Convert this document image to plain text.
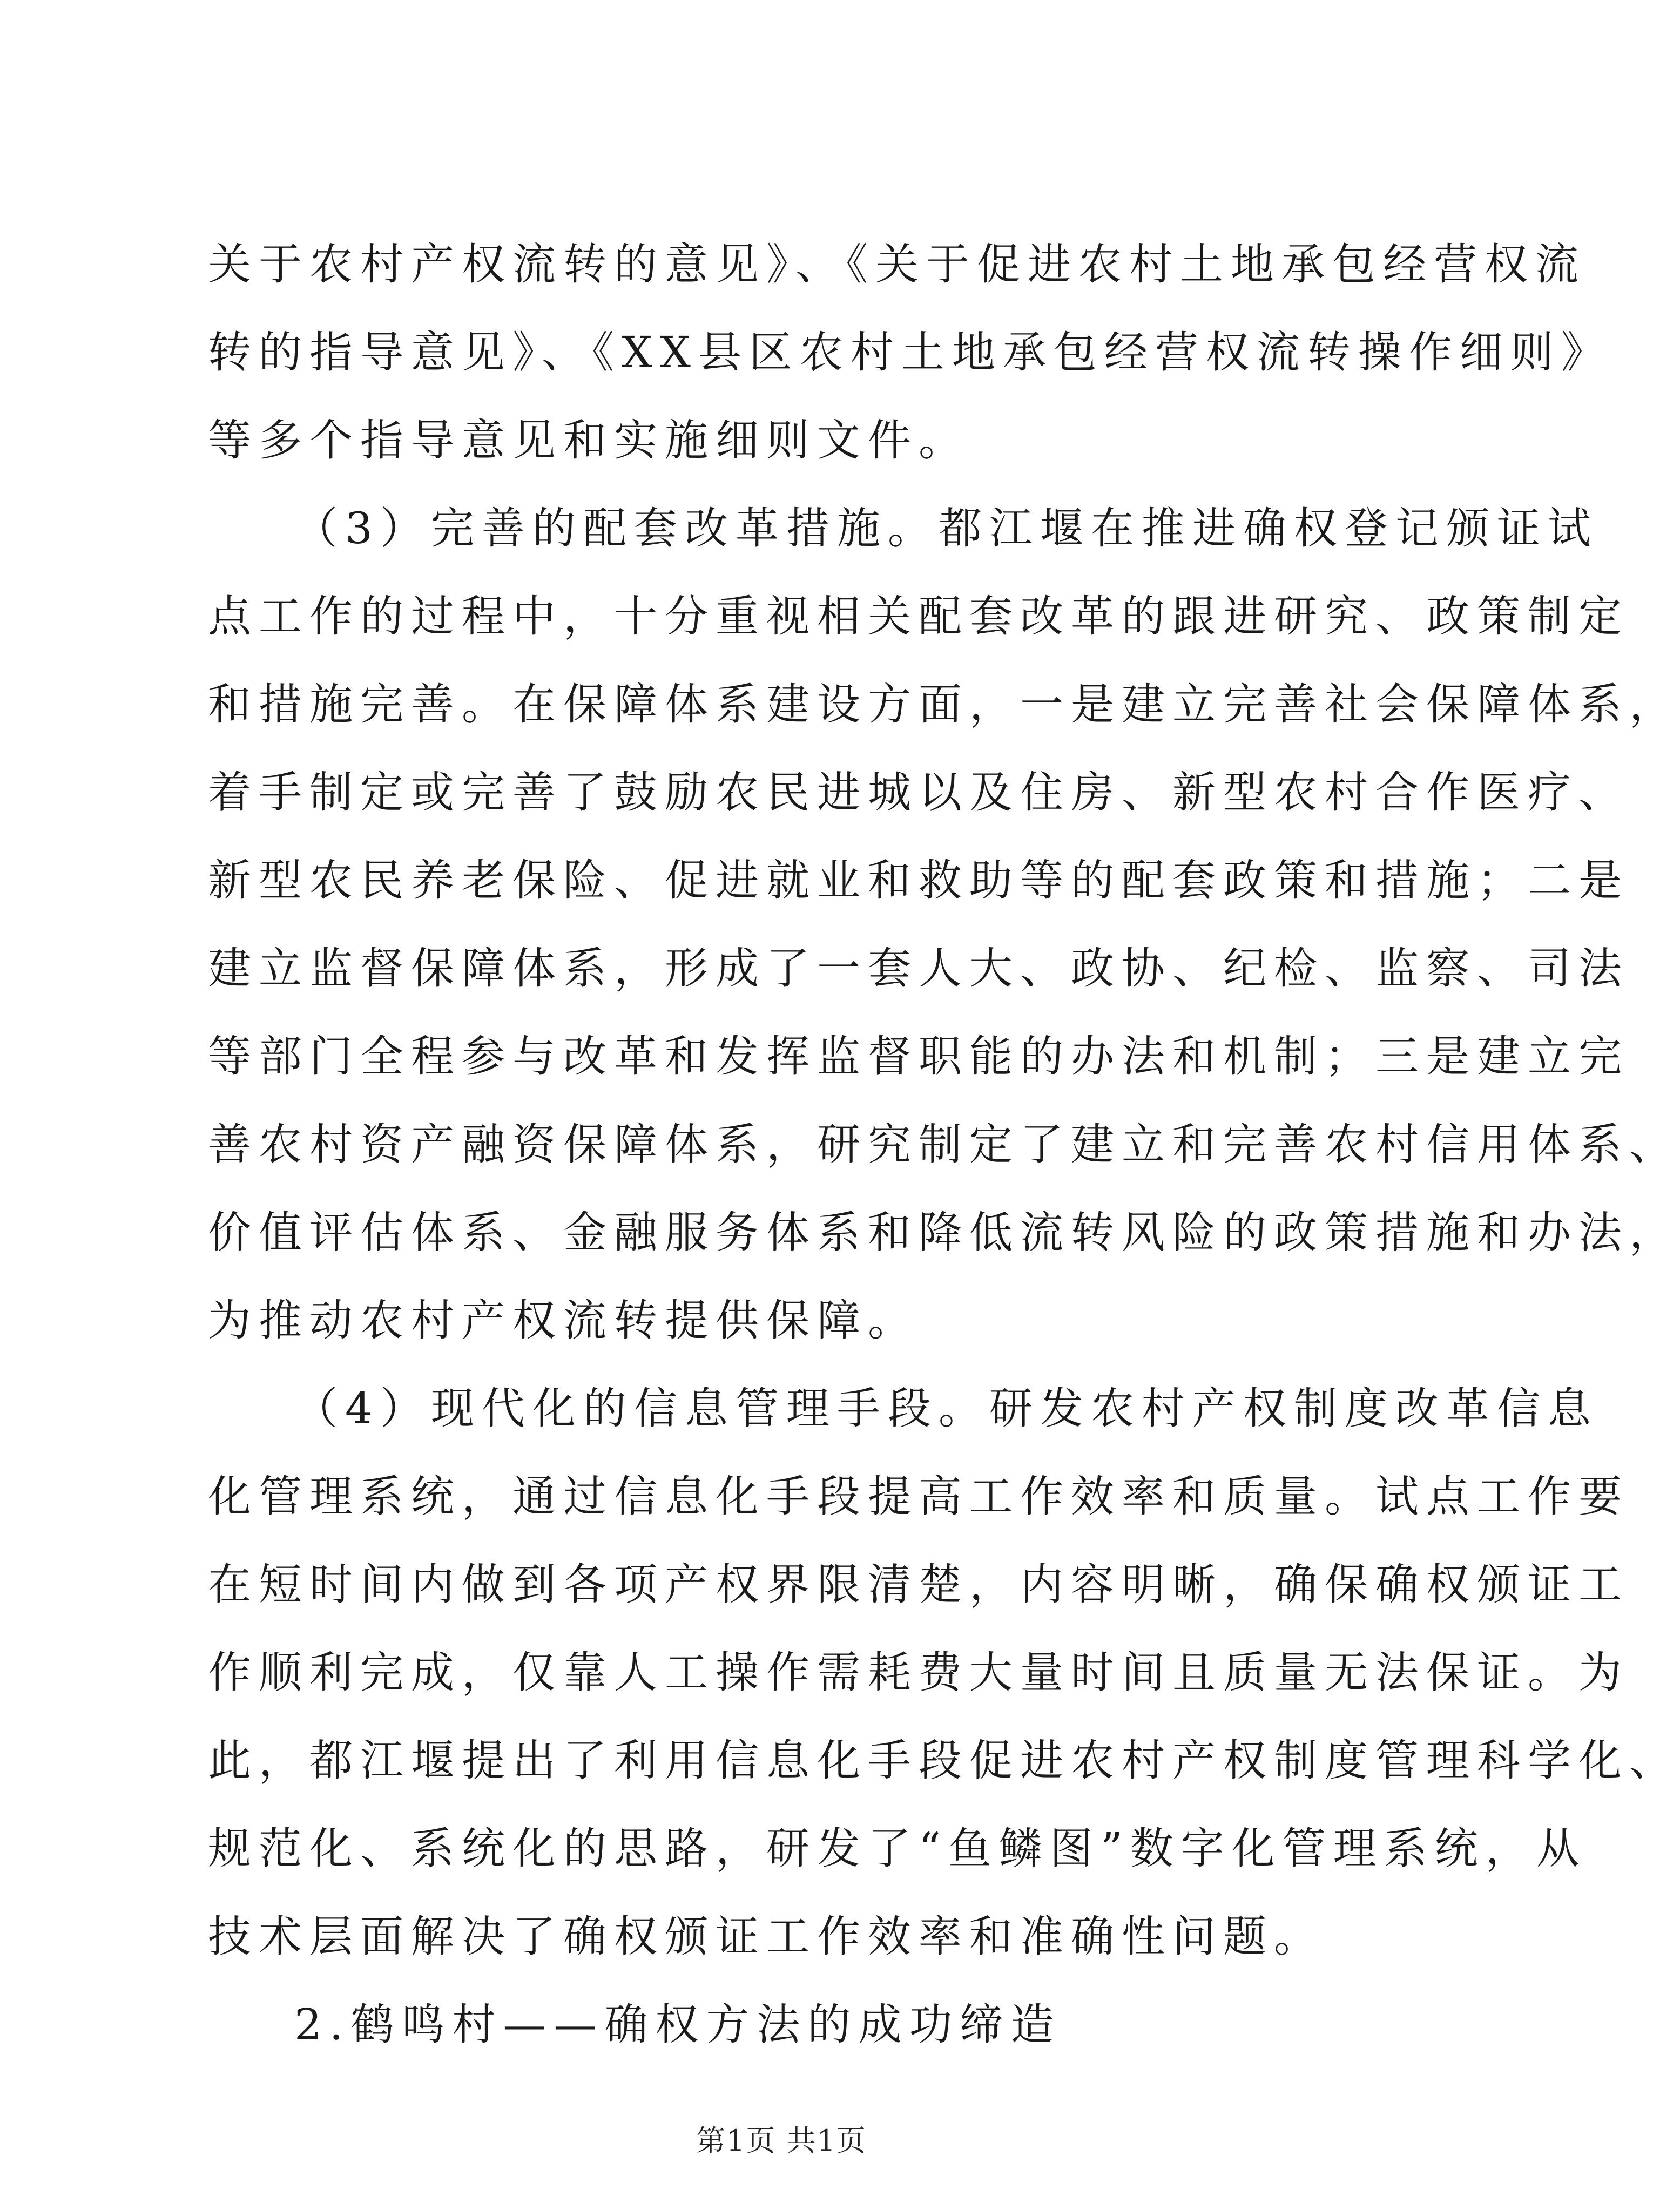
关于农村产权流转的意见》、《关于促进农村土地承包经营权流
转的指导意见》、《XX县区农村土地承包经营权流转操作细则》
等多个指导意见和实施细则文件。
（3）完善的配套改革措施。都江堰在推进确权登记颁证试
点工作的过程中，十分重视相关配套改革的跟进研究、政策制定
和措施完善。在保障体系建设方面，一是建立完善社会保障体系，
着手制定或完善了鼓励农民进城以及住房、新型农村合作医疗、
新型农民养老保险、促进就业和救助等的配套政策和措施；二是
建立监督保障体系，形成了一套人大、政协、纪检、监察、司法
等部门全程参与改革和发挥监督职能的办法和机制；三是建立完
善农村资产融资保障体系，研究制定了建立和完善农村信用体系、
价值评估体系、金融服务体系和降低流转风险的政策措施和办法，
为推动农村产权流转提供保障。
（4）现代化的信息管理手段。研发农村产权制度改革信息
化管理系统，通过信息化手段提高工作效率和质量。试点工作要
在短时间内做到各项产权界限清楚，内容明晰，确保确权颁证工
作顺利完成，仅靠人工操作需耗费大量时间且质量无法保证。为
此，都江堰提出了利用信息化手段促进农村产权制度管理科学化、
规范化、系统化的思路，研发了“鱼鳞图”数字化管理系统，从
技术层面解决了确权颁证工作效率和准确性问题。
2.鹤鸣村——确权方法的成功缔造
第1页 共1页
